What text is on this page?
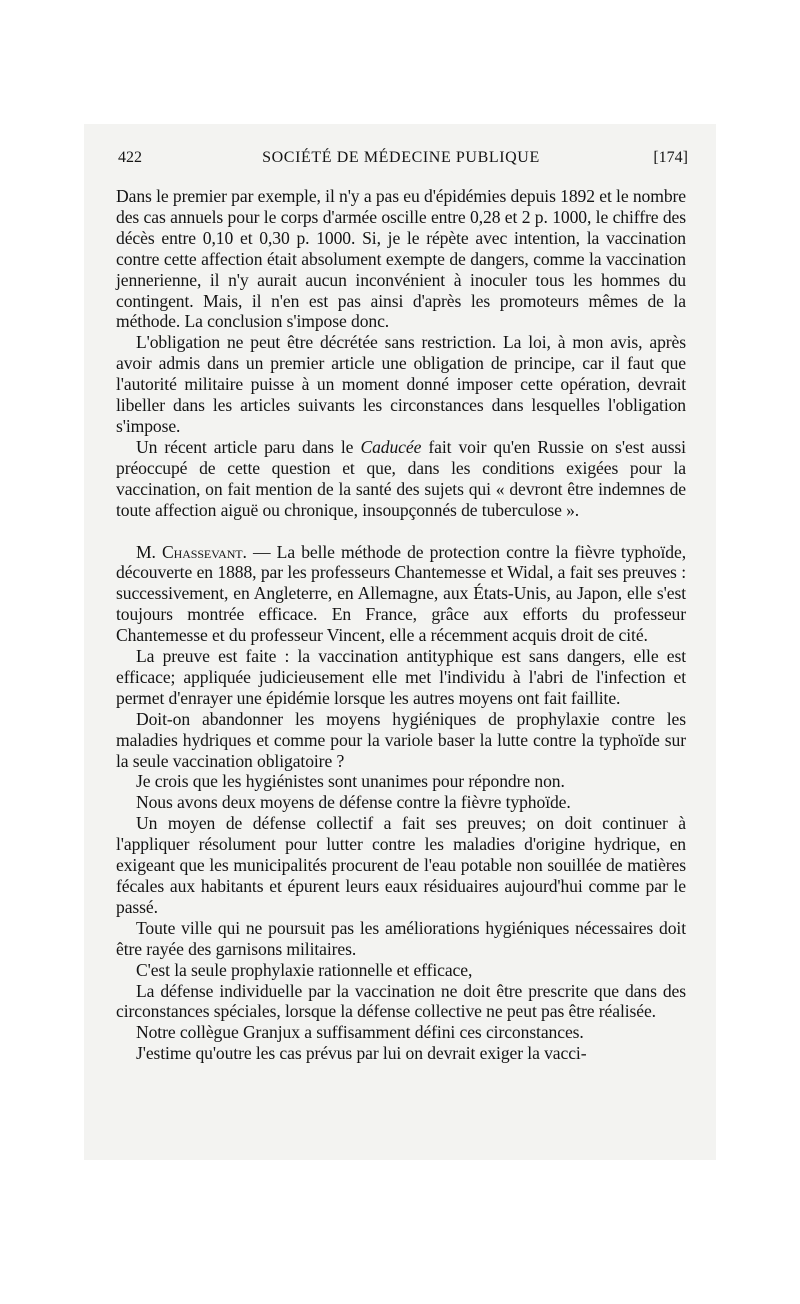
422	SOCIÉTÉ DE MÉDECINE PUBLIQUE	[174]

Dans le premier par exemple, il n'y a pas eu d'épidémies depuis 1892 et le nombre des cas annuels pour le corps d'armée oscille entre 0,28 et 2 p. 1000, le chiffre des décès entre 0,10 et 0,30 p. 1000. Si, je le répète avec intention, la vaccination contre cette affection était absolument exempte de dangers, comme la vaccination jennerienne, il n'y aurait aucun inconvénient à inoculer tous les hommes du contingent. Mais, il n'en est pas ainsi d'après les promoteurs mêmes de la méthode. La conclusion s'impose donc.

L'obligation ne peut être décrétée sans restriction. La loi, à mon avis, après avoir admis dans un premier article une obligation de principe, car il faut que l'autorité militaire puisse à un moment donné imposer cette opération, devrait libeller dans les articles suivants les circonstances dans lesquelles l'obligation s'impose.

Un récent article paru dans le Caducée fait voir qu'en Russie on s'est aussi préoccupé de cette question et que, dans les conditions exigées pour la vaccination, on fait mention de la santé des sujets qui « devront être indemnes de toute affection aiguë ou chronique, insoupçonnés de tuberculose ».

M. Chassevant. — La belle méthode de protection contre la fièvre typhoïde, découverte en 1888, par les professeurs Chantemesse et Widal, a fait ses preuves : successivement, en Angleterre, en Allemagne, aux États-Unis, au Japon, elle s'est toujours montrée efficace. En France, grâce aux efforts du professeur Chantemesse et du professeur Vincent, elle a récemment acquis droit de cité.

La preuve est faite : la vaccination antityphique est sans dangers, elle est efficace; appliquée judicieusement elle met l'individu à l'abri de l'infection et permet d'enrayer une épidémie lorsque les autres moyens ont fait faillite.

Doit-on abandonner les moyens hygiéniques de prophylaxie contre les maladies hydriques et comme pour la variole baser la lutte contre la typhoïde sur la seule vaccination obligatoire ?

Je crois que les hygiénistes sont unanimes pour répondre non.

Nous avons deux moyens de défense contre la fièvre typhoïde.

Un moyen de défense collectif a fait ses preuves; on doit continuer à l'appliquer résolument pour lutter contre les maladies d'origine hydrique, en exigeant que les municipalités procurent de l'eau potable non souillée de matières fécales aux habitants et épurent leurs eaux résiduaires aujourd'hui comme par le passé.

Toute ville qui ne poursuit pas les améliorations hygiéniques nécessaires doit être rayée des garnisons militaires.

C'est la seule prophylaxie rationnelle et efficace,

La défense individuelle par la vaccination ne doit être prescrite que dans des circonstances spéciales, lorsque la défense collective ne peut pas être réalisée.

Notre collègue Granjux a suffisamment défini ces circonstances.

J'estime qu'outre les cas prévus par lui on devrait exiger la vacci-
